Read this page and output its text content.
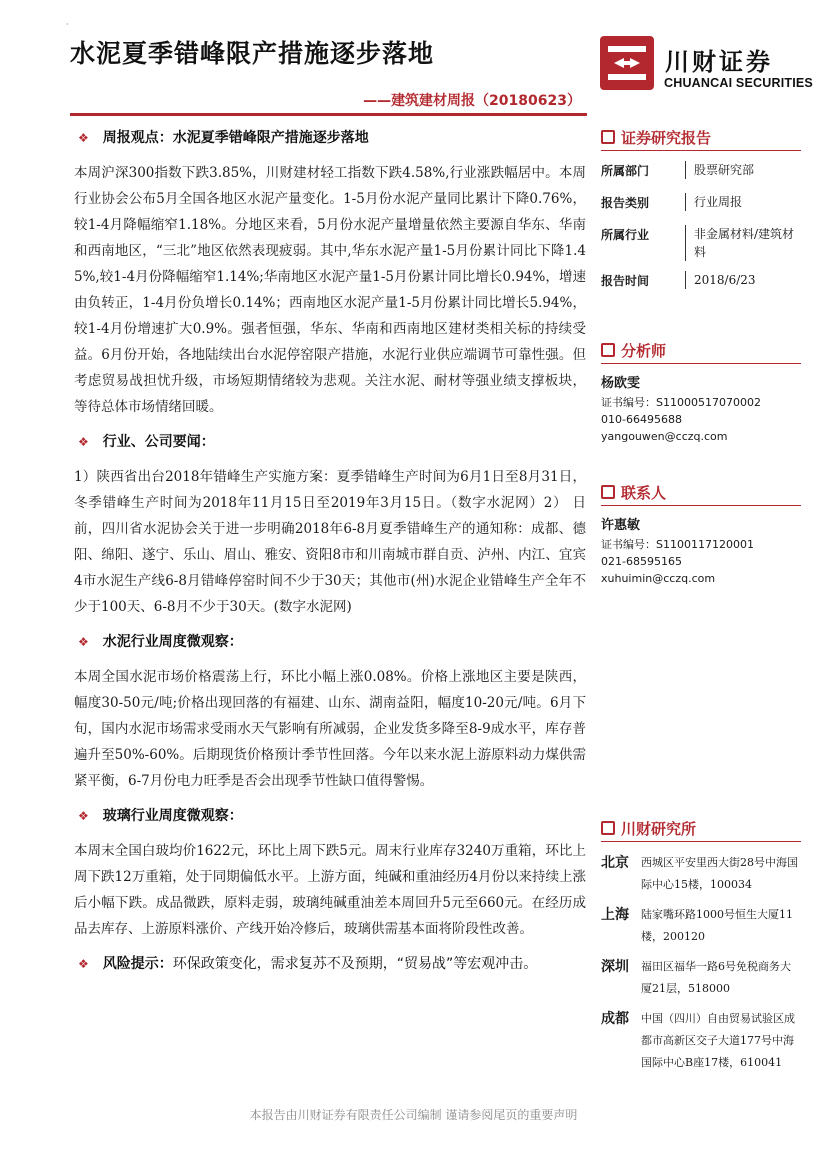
·
水泥夏季错峰限产措施逐步落地
——建筑建材周报（20180623）
川财证券
CHUANCAI SECURITIES
❖ 周报观点：水泥夏季错峰限产措施逐步落地

本周沪深300指数下跌3.85%，川财建材轻工指数下跌4.58%,行业涨跌幅居中。本周行业协会公布5月全国各地区水泥产量变化。1-5月份水泥产量同比累计下降0.76%，较1-4月降幅缩窄1.18%。分地区来看，5月份水泥产量增量依然主要源自华东、华南和西南地区，“三北”地区依然表现疲弱。其中,华东水泥产量1-5月份累计同比下降1.45%,较1-4月份降幅缩窄1.14%;华南地区水泥产量1-5月份累计同比增长0.94%，增速由负转正，1-4月份负增长0.14%；西南地区水泥产量1-5月份累计同比增长5.94%，较1-4月份增速扩大0.9%。强者恒强，华东、华南和西南地区建材类相关标的持续受益。6月份开始，各地陆续出台水泥停窑限产措施，水泥行业供应端调节可靠性强。但考虑贸易战担忧升级，市场短期情绪较为悲观。关注水泥、耐材等强业绩支撑板块，等待总体市场情绪回暖。

❖ 行业、公司要闻：

1）陕西省出台2018年错峰生产实施方案：夏季错峰生产时间为6月1日至8月31日，冬季错峰生产时间为2018年11月15日至2019年3月15日。（数字水泥网）2） 日前，四川省水泥协会关于进一步明确2018年6-8月夏季错峰生产的通知称：成都、德阳、绵阳、遂宁、乐山、眉山、雅安、资阳8市和川南城市群自贡、泸州、内江、宜宾4市水泥生产线6-8月错峰停窑时间不少于30天；其他市(州)水泥企业错峰生产全年不少于100天、6-8月不少于30天。(数字水泥网)

❖ 水泥行业周度微观察：

本周全国水泥市场价格震荡上行，环比小幅上涨0.08%。价格上涨地区主要是陕西，幅度30-50元/吨;价格出现回落的有福建、山东、湖南益阳，幅度10-20元/吨。6月下旬，国内水泥市场需求受雨水天气影响有所减弱，企业发货多降至8-9成水平，库存普遍升至50%-60%。后期现货价格预计季节性回落。今年以来水泥上游原料动力煤供需紧平衡，6-7月份电力旺季是否会出现季节性缺口值得警惕。

❖ 玻璃行业周度微观察：

本周末全国白玻均价1622元，环比上周下跌5元。周末行业库存3240万重箱，环比上周下跌12万重箱，处于同期偏低水平。上游方面，纯碱和重油经历4月份以来持续上涨后小幅下跌。成品微跌，原料走弱，玻璃纯碱重油差本周回升5元至660元。在经历成品去库存、上游原料涨价、产线开始冷修后，玻璃供需基本面将阶段性改善。

❖ 风险提示：环保政策变化，需求复苏不及预期，“贸易战”等宏观冲击。
证券研究报告
所属部门	股票研究部
报告类别	行业周报
所属行业	非金属材料/建筑材料
报告时间	2018/6/23
分析师
杨欧雯
证书编号：S1100051707000​2
010-66495688
yangouwen@cczq.com
联系人
许惠敏
证书编号：S1100117120001
021-68595165
xuhuimin@cczq.com
川财研究所
北京	西城区平安里西大街28号中海国际中心15楼，100034
上海	陆家嘴环路1000号恒生大厦11楼，200120
深圳	福田区福华一路6号免税商务大厦21层，518000
成都	中国（四川）自由贸易试验区成都市高新区交子大道177号中海国际中心B座17楼，610041
本报告由川财证券有限责任公司编制 谨请参阅尾页的重要声明
